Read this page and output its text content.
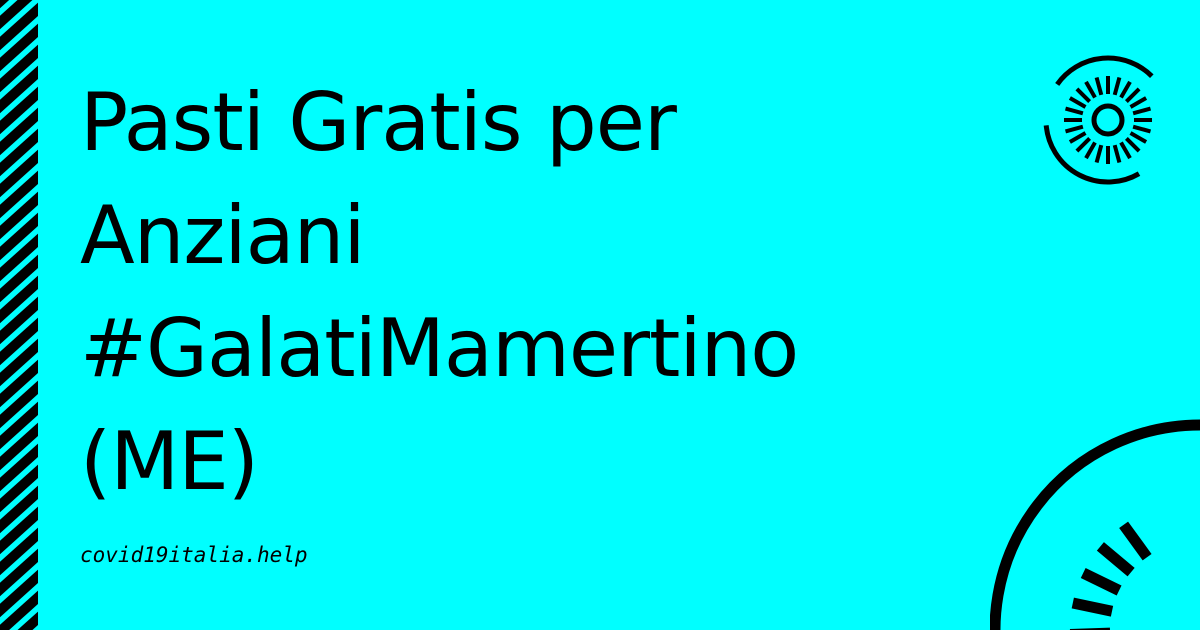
Pasti Gratis per
Anziani
#GalatiMamertino
(ME)

covid19italia.help
